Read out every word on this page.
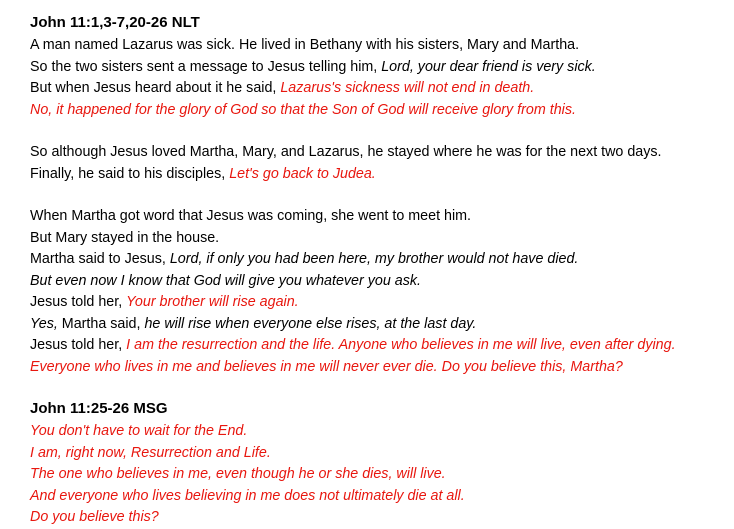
John 11:1,3-7,20-26 NLT
A man named Lazarus was sick. He lived in Bethany with his sisters, Mary and Martha.
So the two sisters sent a message to Jesus telling him, Lord, your dear friend is very sick.
But when Jesus heard about it he said, Lazarus's sickness will not end in death.
No, it happened for the glory of God so that the Son of God will receive glory from this.
So although Jesus loved Martha, Mary, and Lazarus, he stayed where he was for the next two days.
Finally, he said to his disciples, Let's go back to Judea.
When Martha got word that Jesus was coming, she went to meet him.
But Mary stayed in the house.
Martha said to Jesus, Lord, if only you had been here, my brother would not have died.
But even now I know that God will give you whatever you ask.
Jesus told her, Your brother will rise again.
Yes, Martha said, he will rise when everyone else rises, at the last day.
Jesus told her, I am the resurrection and the life. Anyone who believes in me will live, even after dying.
Everyone who lives in me and believes in me will never ever die. Do you believe this, Martha?
John 11:25-26 MSG
You don't have to wait for the End.
I am, right now, Resurrection and Life.
The one who believes in me, even though he or she dies, will live.
And everyone who lives believing in me does not ultimately die at all.
Do you believe this?
